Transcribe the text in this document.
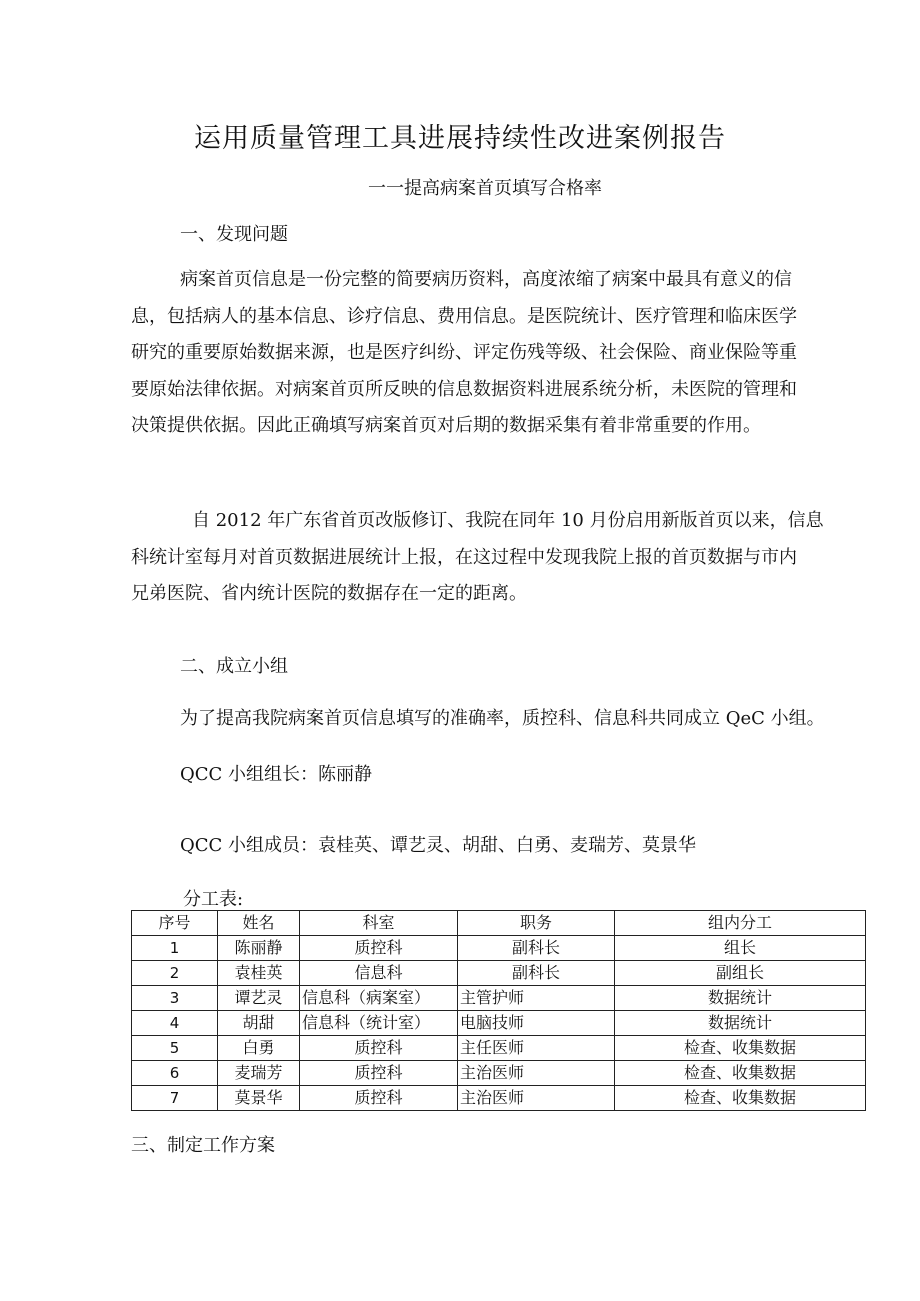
运用质量管理工具进展持续性改进案例报告
一一提高病案首页填写合格率
一、发现问题

病案首页信息是一份完整的简要病历资料，高度浓缩了病案中最具有意义的信

息，包括病人的基本信息、诊疗信息、费用信息。是医院统计、医疗管理和临床医学

研究的重要原始数据来源，也是医疗纠纷、评定伤残等级、社会保险、商业保险等重

要原始法律依据。对病案首页所反映的信息数据资料进展系统分析，未医院的管理和

决策提供依据。因此正确填写病案首页对后期的数据采集有着非常重要的作用。

自 2012 年广东省首页改版修订、我院在同年 10 月份启用新版首页以来，信息

科统计室每月对首页数据进展统计上报，在这过程中发现我院上报的首页数据与市内

兄弟医院、省内统计医院的数据存在一定的距离。

二、成立小组
为了提高我院病案首页信息填写的准确率，质控科、信息科共同成立 QeC 小组。
QCC 小组组长：陈丽静
QCC 小组成员：袁桂英、谭艺灵、胡甜、白勇、麦瑞芳、莫景华
分工表:
序号	姓名	科室	职务	组内分工
1	陈丽静	质控科	副科长	组长
2	袁桂英	信息科	副科长	副组长
3	谭艺灵	信息科（病案室）	主管护师	数据统计
4	胡甜	信息科（统计室）	电脑技师	数据统计
5	白勇	质控科	主任医师	检查、收集数据
6	麦瑞芳	质控科	主治医师	检查、收集数据
7	莫景华	质控科	主治医师	检查、收集数据
三、制定工作方案
